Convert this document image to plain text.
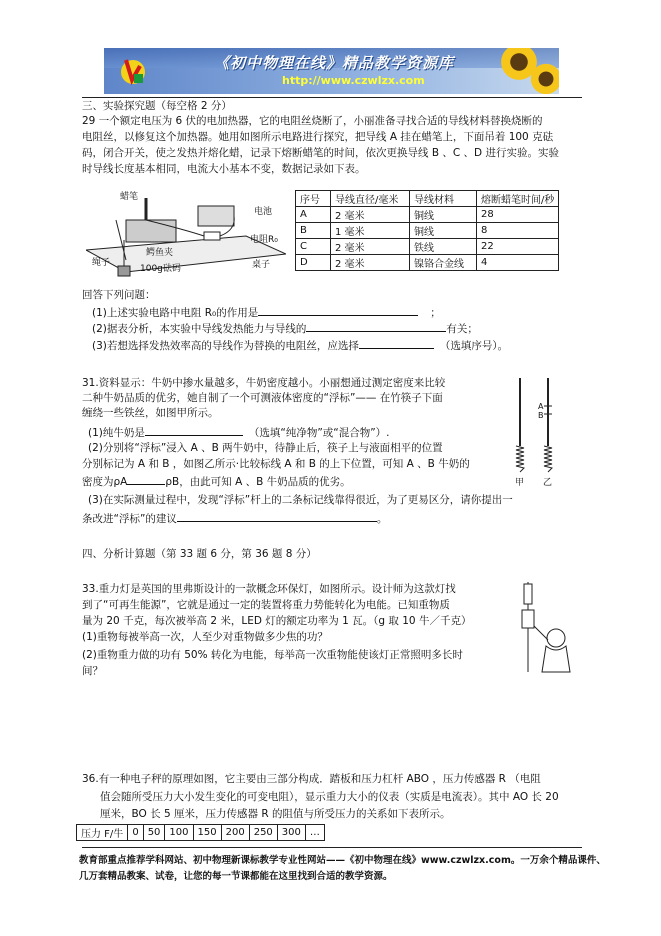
《初中物理在线》精品教学资源库
http://www.czwlzx.com
三、实验探究题（每空格 2 分）
29 一个额定电压为 6 伏的电加热器，它的电阻丝烧断了，小丽准备寻找合适的导线材料替换烧断的
电阻丝，以修复这个加热器。她用如图所示电路进行探究，把导线 A 挂在蜡笔上，下面吊着 100 克砝
码，闭合开关，使之发热并熔化蜡，记录下熔断蜡笔的时间，依次更换导线 B 、C 、D 进行实验。实验
时导线长度基本相同，电流大小基本不变，数据记录如下表。
蜡笔
电池
电阻R₀
绳子
鳄鱼夹
100g砝码	桌子
序号	导线直径/毫米	导线材料	熔断蜡笔时间/秒
A	2 毫米	铜线	28
B	1 毫米	铜线	8
C	2 毫米	铁线	22
D	2 毫米	镍铬合金线	4
回答下列问题：
(1)上述实验电路中电阻 R₀的作用是	；
(2)据表分析，本实验中导线发热能力与导线的	有关；
(3)若想选择发热效率高的导线作为替换的电阻丝，应选择	（选填序号）。
31.资料显示：牛奶中掺水量越多，牛奶密度越小。小丽想通过测定密度来比较
二种牛奶品质的优劣，她自制了一个可测液体密度的“浮标”—— 在竹筷子下面
缠绕一些铁丝，如图甲所示。
(1)纯牛奶是	（选填“纯净物”或“混合物”）.
(2)分别将“浮标”浸入 A 、B 两牛奶中，待静止后，筷子上与液面相平的位置
分别标记为 A 和 B ，如图乙所示·比较标线 A 和 B 的上下位置，可知 A 、B 牛奶的
密度为ρA	ρB，由此可知 A 、B 牛奶品质的优劣。
(3)在实际测量过程中，发现“浮标”杆上的二条标记线靠得很近，为了更易区分，请你提出一
条改进“浮标”的建议	。
A
B
甲 乙
四、分析计算题（第 33 题 6 分，第 36 题 8 分）
33.重力灯是英国的里弗斯设计的一款概念环保灯，如图所示。设计师为这款灯找
到了“可再生能源”，它就是通过一定的装置将重力势能转化为电能。已知重物质
量为 20 千克，每次被举高 2 米，LED 灯的额定功率为 1 瓦。（g 取 10 牛／千克）
(1)重物每被举高一次，人至少对重物做多少焦的功？
(2)重物重力做的功有 50% 转化为电能，每举高一次重物能使该灯正常照明多长时
间？
36.有一种电子秤的原理如图，它主要由三部分构成．踏板和压力杠杆 ABO ，压力传感器 R （电阻
值会随所受压力大小发生变化的可变电阻），显示重力大小的仪表（实质是电流表）。其中 AO 长 20
厘米，BO 长 5 厘米，压力传感器 R 的阻值与所受压力的关系如下表所示。
压力 F/牛	0	50	100	150	200	250	300	…
教育部重点推荐学科网站、初中物理新课标教学专业性网站——《初中物理在线》www.czwlzx.com。一万余个精品课件、
几万套精品教案、试卷，让您的每一节课都能在这里找到合适的教学资源。
